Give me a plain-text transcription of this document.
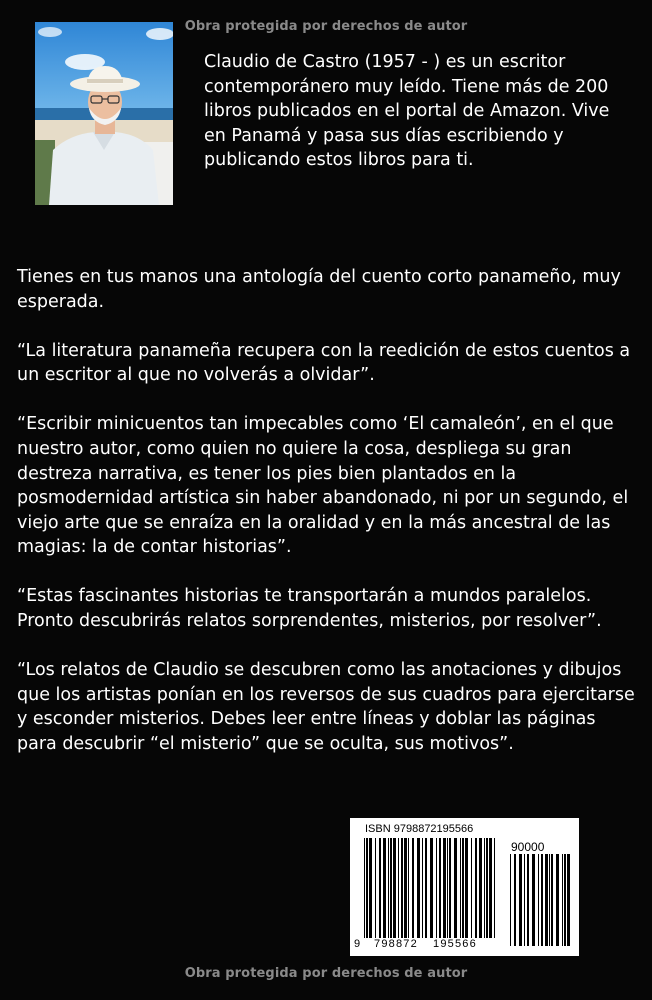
Obra protegida por derechos de autor

Claudio de Castro (1957 - ) es un escritor contemporánero muy leído. Tiene más de 200 libros publicados en el portal de Amazon. Vive en Panamá y pasa sus días escribiendo y publicando estos libros para ti.

Tienes en tus manos una antología del cuento corto panameño, muy esperada.

“La literatura panameña recupera con la reedición de estos cuentos a un escritor al que no volverás a olvidar”.

“Escribir minicuentos tan impecables como ‘El camaleón’, en el que nuestro autor, como quien no quiere la cosa, despliega su gran destreza narrativa, es tener los pies bien plantados en la posmodernidad artística sin haber abandonado, ni por un segundo, el viejo arte que se enraíza en la oralidad y en la más ancestral de las magias: la de contar historias”.

“Estas fascinantes historias te transportarán a mundos paralelos. Pronto descubrirás relatos sorprendentes, misterios, por resolver”.

“Los relatos de Claudio se descubren como las anotaciones y dibujos que los artistas ponían en los reversos de sus cuadros para ejercitarse y esconder misterios. Debes leer entre líneas y doblar las páginas para descubrir “el misterio” que se oculta, sus motivos”.

ISBN 9798872195566
90000
9 798872 195566
Obra protegida por derechos de autor
